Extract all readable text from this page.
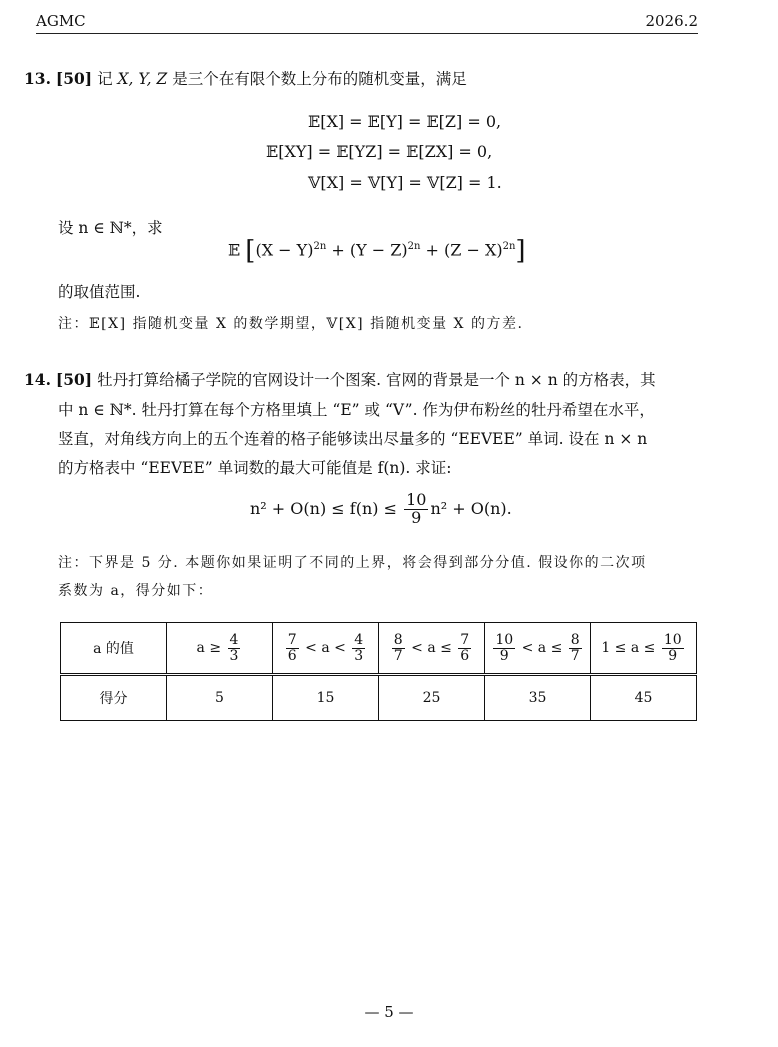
AGMC	2026.2
13. [50] 记 X, Y, Z 是三个在有限个数上分布的随机变量，满足
𝔼[X] = 𝔼[Y] = 𝔼[Z] = 0,
𝔼[XY] = 𝔼[YZ] = 𝔼[ZX] = 0,
𝕍[X] = 𝕍[Y] = 𝕍[Z] = 1.
设 n ∈ ℕ*，求
𝔼 $[(X - Y)^{2n} + (Y - Z)^{2n} + (Z - X)^{2n}]$
的取值范围.
注：𝔼[X] 指随机变量 X 的数学期望，𝕍[X] 指随机变量 X 的方差.
14. [50] 牡丹打算给橘子学院的官网设计一个图案. 官网的背景是一个 n × n 的方格表，其
中 n ∈ ℕ*. 牡丹打算在每个方格里填上 “E” 或 “V”. 作为伊布粉丝的牡丹希望在水平，
竖直，对角线方向上的五个连着的格子能够读出尽量多的 “EEVEE” 单词. 设在 n × n
的方格表中 “EEVEE” 单词数的最大可能值是 f(n). 求证:
$n^2 + O(n) \le f(n) \le \frac{10}{9} n^2 + O(n)$.
注：下界是 5 分. 本题你如果证明了不同的上界，将会得到部分分值. 假设你的二次项
系数为 a，得分如下：
a 的值	$a \ge \frac{4}{3}$	$\frac{7}{6} < a < \frac{4}{3}$	$\frac{8}{7} < a \le \frac{7}{6}$	$\frac{10}{9} < a \le \frac{8}{7}$	$1 \le a \le \frac{10}{9}$

得分	5	15	25	35	45
— 5 —
